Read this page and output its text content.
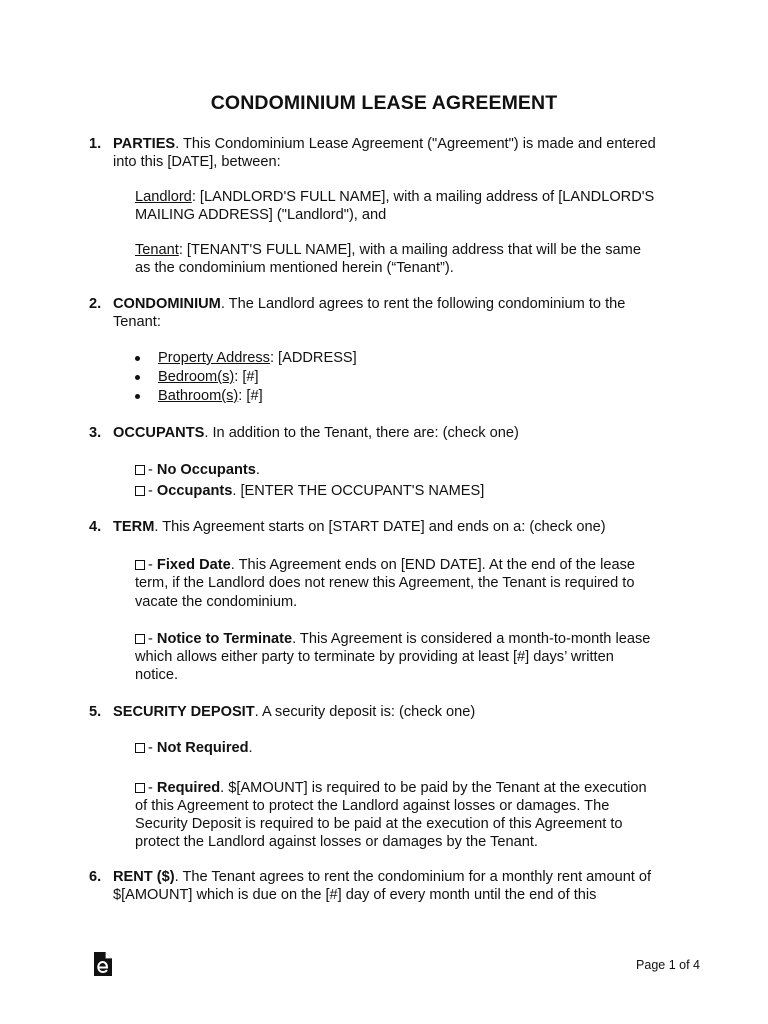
CONDOMINIUM LEASE AGREEMENT
1. PARTIES. This Condominium Lease Agreement ("Agreement") is made and entered
into this [DATE], between:
Landlord: [LANDLORD'S FULL NAME], with a mailing address of [LANDLORD'S
MAILING ADDRESS] ("Landlord"), and
Tenant: [TENANT'S FULL NAME], with a mailing address that will be the same
as the condominium mentioned herein (“Tenant”).
2. CONDOMINIUM. The Landlord agrees to rent the following condominium to the
Tenant:
Property Address: [ADDRESS]
Bedroom(s): [#]
Bathroom(s): [#]
3. OCCUPANTS. In addition to the Tenant, there are: (check one)
- No Occupants.
- Occupants. [ENTER THE OCCUPANT'S NAMES]
4. TERM. This Agreement starts on [START DATE] and ends on a: (check one)
- Fixed Date. This Agreement ends on [END DATE]. At the end of the lease
term, if the Landlord does not renew this Agreement, the Tenant is required to
vacate the condominium.
- Notice to Terminate. This Agreement is considered a month-to-month lease
which allows either party to terminate by providing at least [#] days’ written
notice.
5. SECURITY DEPOSIT. A security deposit is: (check one)
- Not Required.
- Required. $[AMOUNT] is required to be paid by the Tenant at the execution
of this Agreement to protect the Landlord against losses or damages. The
Security Deposit is required to be paid at the execution of this Agreement to
protect the Landlord against losses or damages by the Tenant.
6. RENT ($). The Tenant agrees to rent the condominium for a monthly rent amount of
$[AMOUNT] which is due on the [#] day of every month until the end of this
Page 1 of 4
